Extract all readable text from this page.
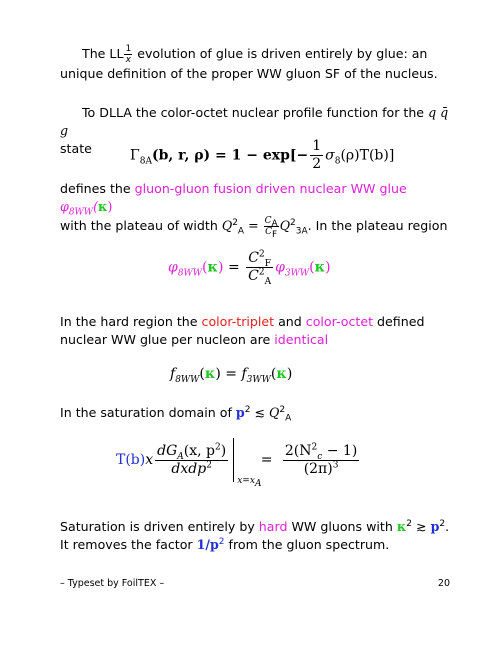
The LL $\frac{1}{x}$ evolution of glue is driven entirely by glue: an unique definition of the proper WW gluon SF of the nucleus.
To DLLA the color-octet nuclear profile function for the q q̄ g
state	$\Gamma_{8A}(b$, r, $\rho) = 1 - \exp[- \frac{1}{2} \sigma_8(\rho)T(b)]$
defines the gluon-gluon fusion driven nuclear WW glue $\varphi_{8WW}(\kappa)$
with the plateau of width $Q^2_A = \frac{C_A}{C_F} Q^2_{3A}$. In the plateau region
$\varphi_{8WW}(\kappa) = \frac{C^2_F}{C^2_A} \varphi_{3WW}(\kappa)$
In the hard region the color-triplet and color-octet defined nuclear WW glue per nucleon are identical
$f_{8WW}(\kappa) = f_{3WW}(\kappa)$
In the saturation domain of $p^2$ ≲ $Q^2_A$
$T(b)x \frac{dG_A(x, p^2)}{dxdp^2}$
$x=x_A$
= $\frac{2(N^2_c - 1)}{(2\pi)^3}$
Saturation is driven entirely by hard WW gluons with $\kappa^2$ ≳ $p^2$. It removes the factor $1/p^2$ from the gluon spectrum.
– Typeset by FoilTEX –	20
